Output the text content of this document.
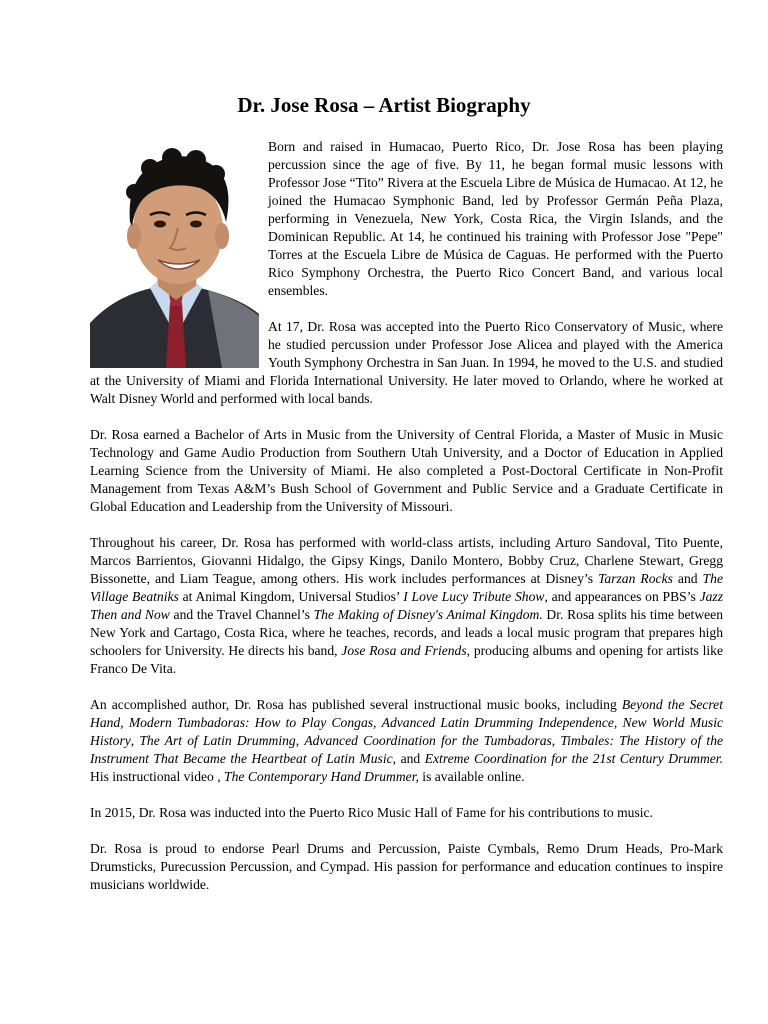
Dr. Jose Rosa – Artist Biography

Born and raised in Humacao, Puerto Rico, Dr. Jose Rosa has been playing percussion since the age of five. By 11, he began formal music lessons with Professor Jose “Tito” Rivera at the Escuela Libre de Música de Humacao. At 12, he joined the Humacao Symphonic Band, led by Professor Germán Peña Plaza, performing in Venezuela, New York, Costa Rica, the Virgin Islands, and the Dominican Republic. At 14, he continued his training with Professor Jose "Pepe" Torres at the Escuela Libre de Música de Caguas. He performed with the Puerto Rico Symphony Orchestra, the Puerto Rico Concert Band, and various local ensembles.

At 17, Dr. Rosa was accepted into the Puerto Rico Conservatory of Music, where he studied percussion under Professor Jose Alicea and played with the America Youth Symphony Orchestra in San Juan. In 1994, he moved to the U.S. and studied at the University of Miami and Florida International University. He later moved to Orlando, where he worked at Walt Disney World and performed with local bands.

Dr. Rosa earned a Bachelor of Arts in Music from the University of Central Florida, a Master of Music in Music Technology and Game Audio Production from Southern Utah University, and a Doctor of Education in Applied Learning Science from the University of Miami. He also completed a Post-Doctoral Certificate in Non-Profit Management from Texas A&M’s Bush School of Government and Public Service and a Graduate Certificate in Global Education and Leadership from the University of Missouri.

Throughout his career, Dr. Rosa has performed with world-class artists, including Arturo Sandoval, Tito Puente, Marcos Barrientos, Giovanni Hidalgo, the Gipsy Kings, Danilo Montero, Bobby Cruz, Charlene Stewart, Gregg Bissonette, and Liam Teague, among others. His work includes performances at Disney’s Tarzan Rocks and The Village Beatniks at Animal Kingdom, Universal Studios’ I Love Lucy Tribute Show, and appearances on PBS’s Jazz Then and Now and the Travel Channel’s The Making of Disney's Animal Kingdom. Dr. Rosa splits his time between New York and Cartago, Costa Rica, where he teaches, records, and leads a local music program that prepares high schoolers for University. He directs his band, Jose Rosa and Friends, producing albums and opening for artists like Franco De Vita.

An accomplished author, Dr. Rosa has published several instructional music books, including Beyond the Secret Hand, Modern Tumbadoras: How to Play Congas, Advanced Latin Drumming Independence, New World Music History, The Art of Latin Drumming, Advanced Coordination for the Tumbadoras, Timbales: The History of the Instrument That Became the Heartbeat of Latin Music, and Extreme Coordination for the 21st Century Drummer. His instructional video , The Contemporary Hand Drummer, is available online.

In 2015, Dr. Rosa was inducted into the Puerto Rico Music Hall of Fame for his contributions to music.

Dr. Rosa is proud to endorse Pearl Drums and Percussion, Paiste Cymbals, Remo Drum Heads, Pro-Mark Drumsticks, Purecussion Percussion, and Cympad. His passion for performance and education continues to inspire musicians worldwide.
